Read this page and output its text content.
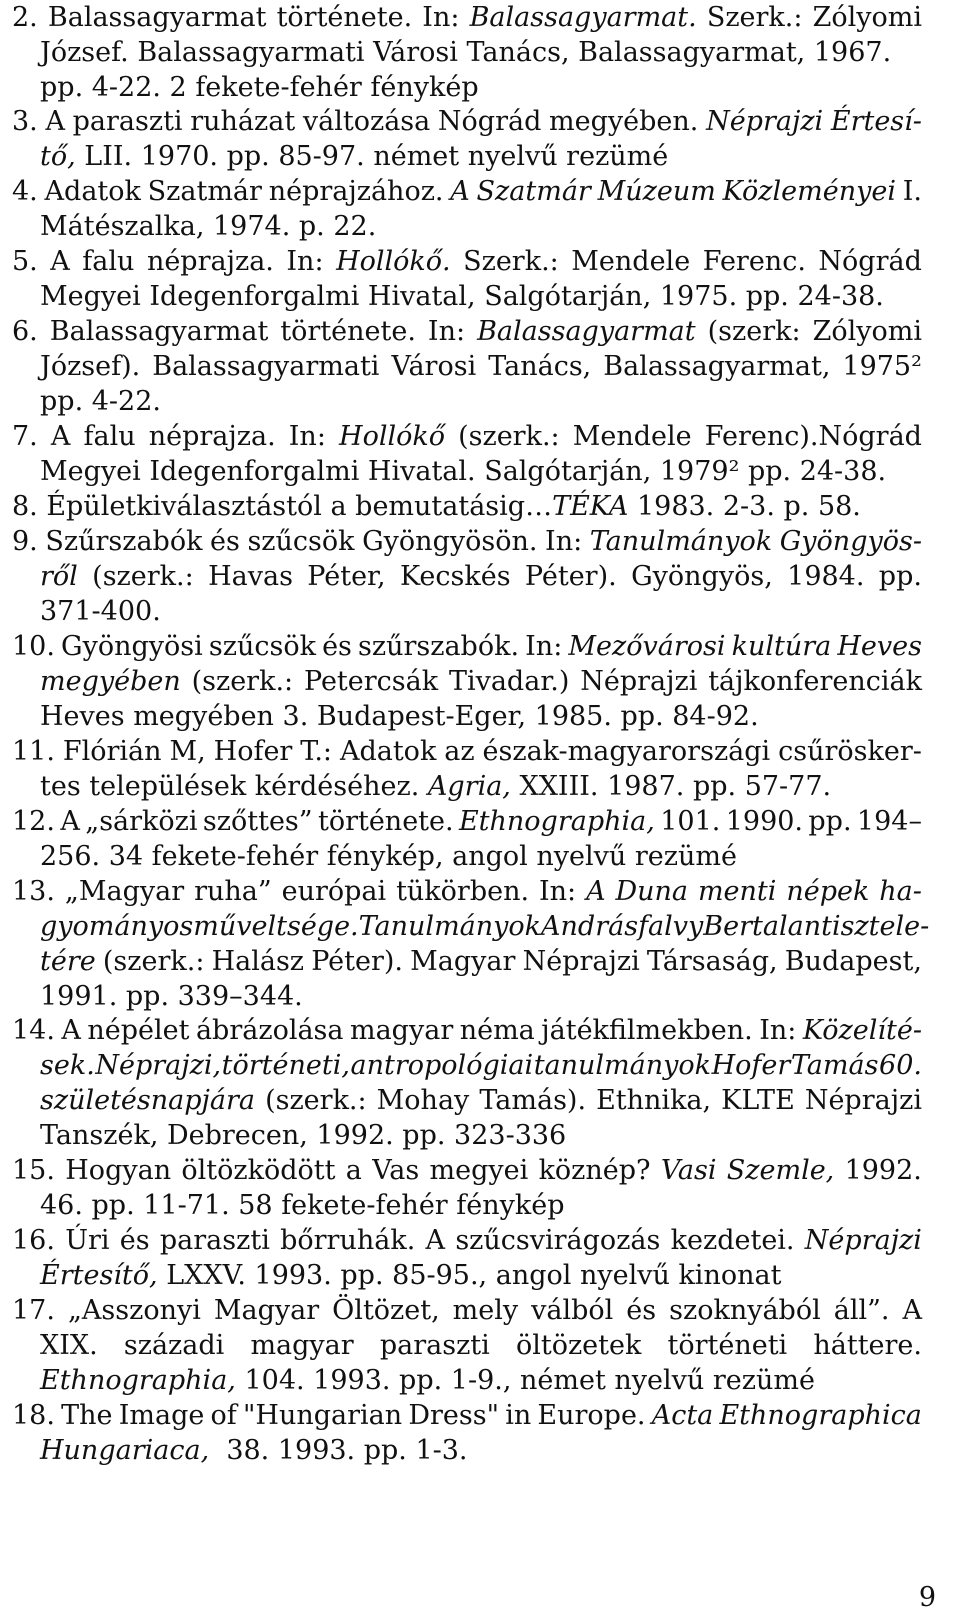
2. Balassagyarmat története. In: Balassagyarmat. Szerk.: Zólyomi
József. Balassagyarmati Városi Tanács, Balassagyarmat, 1967.
pp. 4-22. 2 fekete-fehér fénykép
3. A paraszti ruházat változása Nógrád megyében. Néprajzi Értesí-
tő, LII. 1970. pp. 85-97. német nyelvű rezümé
4. Adatok Szatmár néprajzához. A Szatmár Múzeum Közleményei I.
Mátészalka, 1974. p. 22.
5. A falu néprajza. In: Hollókő. Szerk.: Mendele Ferenc. Nógrád
Megyei Idegenforgalmi Hivatal, Salgótarján, 1975. pp. 24-38.
6. Balassagyarmat története. In: Balassagyarmat (szerk: Zólyomi
József). Balassagyarmati Városi Tanács, Balassagyarmat, 1975²
pp. 4-22.
7. A falu néprajza. In: Hollókő (szerk.: Mendele Ferenc).Nógrád
Megyei Idegenforgalmi Hivatal. Salgótarján, 1979² pp. 24-38.
8. Épületkiválasztástól a bemutatásig…TÉKA 1983. 2-3. p. 58.
9. Szűrszabók és szűcsök Gyöngyösön. In: Tanulmányok Gyöngyös-
ről (szerk.: Havas Péter, Kecskés Péter). Gyöngyös, 1984. pp.
371-400.
10. Gyöngyösi szűcsök és szűrszabók. In: Mezővárosi kultúra Heves
megyében (szerk.: Petercsák Tivadar.) Néprajzi tájkonferenciák
Heves megyében 3. Budapest-Eger, 1985. pp. 84-92.
11. Flórián M, Hofer T.: Adatok az észak-magyarországi csűrösker-
tes települések kérdéséhez. Agria, XXIII. 1987. pp. 57-77.
12. A „sárközi szőttes” története. Ethnographia, 101. 1990. pp. 194–
256. 34 fekete-fehér fénykép, angol nyelvű rezümé
13. „Magyar ruha” európai tükörben. In: A Duna menti népek ha-
gyományos műveltsége. Tanulmányok Andrásfalvy Bertalan tisztele-
tére (szerk.: Halász Péter). Magyar Néprajzi Társaság, Budapest,
1991. pp. 339–344.
14. A népélet ábrázolása magyar néma játékfilmekben. In: Közelíté-
sek. Néprajzi, történeti, antropológiai tanulmányok Hofer Tamás 60.
születésnapjára (szerk.: Mohay Tamás). Ethnika, KLTE Néprajzi
Tanszék, Debrecen, 1992. pp. 323-336
15. Hogyan öltözködött a Vas megyei köznép? Vasi Szemle, 1992.
46. pp. 11-71. 58 fekete-fehér fénykép
16. Úri és paraszti bőrruhák. A szűcsvirágozás kezdetei. Néprajzi
Értesítő, LXXV. 1993. pp. 85-95., angol nyelvű kinonat
17. „Asszonyi Magyar Öltözet, mely válból és szoknyából áll”. A
XIX. századi magyar paraszti öltözetek történeti háttere.
Ethnographia, 104. 1993. pp. 1-9., német nyelvű rezümé
18. The Image of "Hungarian Dress" in Europe. Acta Ethnographica
Hungariaca,  38. 1993. pp. 1-3.
9
